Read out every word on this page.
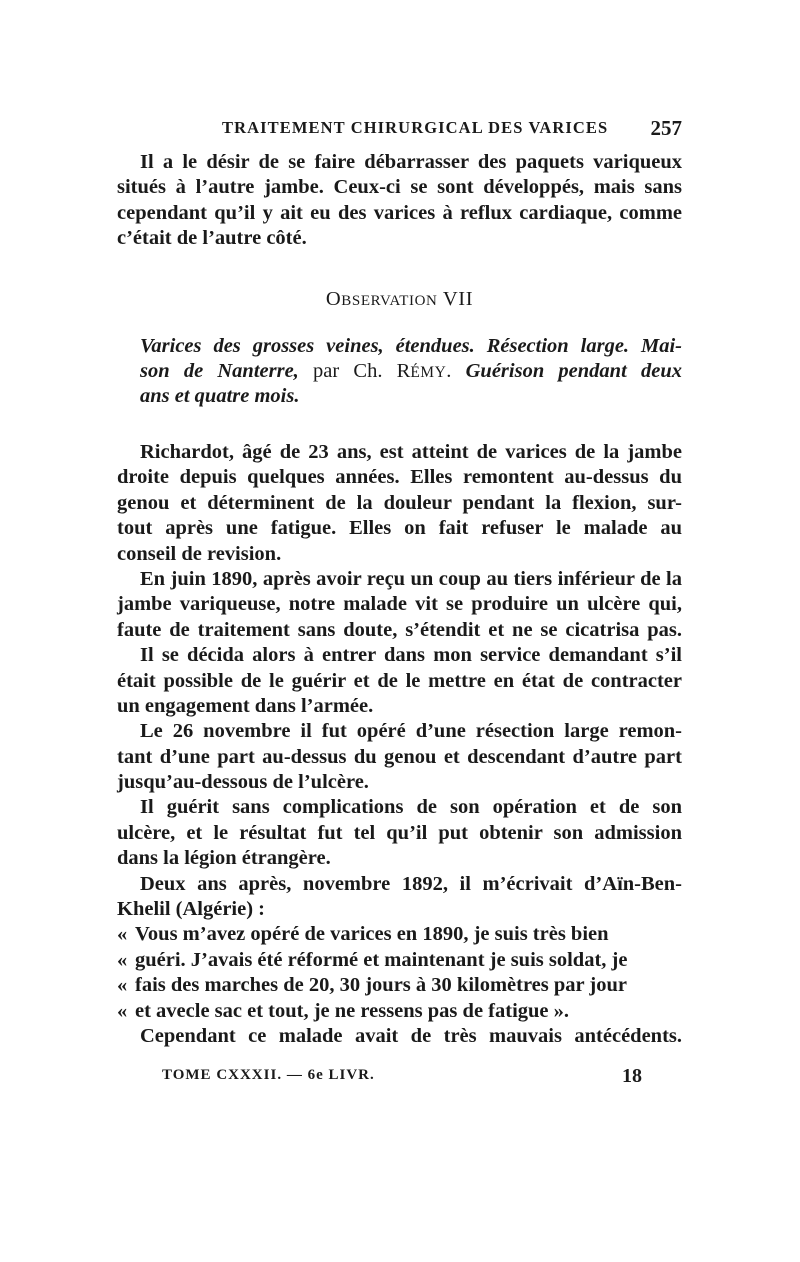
TRAITEMENT CHIRURGICAL DES VARICES 257
Il a le désir de se faire débarrasser des paquets variqueux
situés à l’autre jambe. Ceux-ci se sont développés, mais sans
cependant qu’il y ait eu des varices à reflux cardiaque, comme
c’était de l’autre côté.
OBSERVATION VII
Varices des grosses veines, étendues. Résection large. Mai-
son de Nanterre, par Ch. RÉMY. Guérison pendant deux
ans et quatre mois.
Richardot, âgé de 23 ans, est atteint de varices de la jambe
droite depuis quelques années. Elles remontent au-dessus du
genou et déterminent de la douleur pendant la flexion, sur-
tout après une fatigue. Elles on fait refuser le malade au
conseil de revision.
En juin 1890, après avoir reçu un coup au tiers inférieur de la
jambe variqueuse, notre malade vit se produire un ulcère qui,
faute de traitement sans doute, s’étendit et ne se cicatrisa pas.
Il se décida alors à entrer dans mon service demandant s’il
était possible de le guérir et de le mettre en état de contracter
un engagement dans l’armée.
Le 26 novembre il fut opéré d’une résection large remon-
tant d’une part au-dessus du genou et descendant d’autre part
jusqu’au-dessous de l’ulcère.
Il guérit sans complications de son opération et de son
ulcère, et le résultat fut tel qu’il put obtenir son admission
dans la légion étrangère.
Deux ans après, novembre 1892, il m’écrivait d’Aïn-Ben-
Khelil (Algérie) :
« Vous m’avez opéré de varices en 1890, je suis très bien
« guéri. J’avais été réformé et maintenant je suis soldat, je
« fais des marches de 20, 30 jours à 30 kilomètres par jour
« et avecle sac et tout, je ne ressens pas de fatigue ».
Cependant ce malade avait de très mauvais antécédents.
TOME CXXXII. — 6e LIVR.	18
